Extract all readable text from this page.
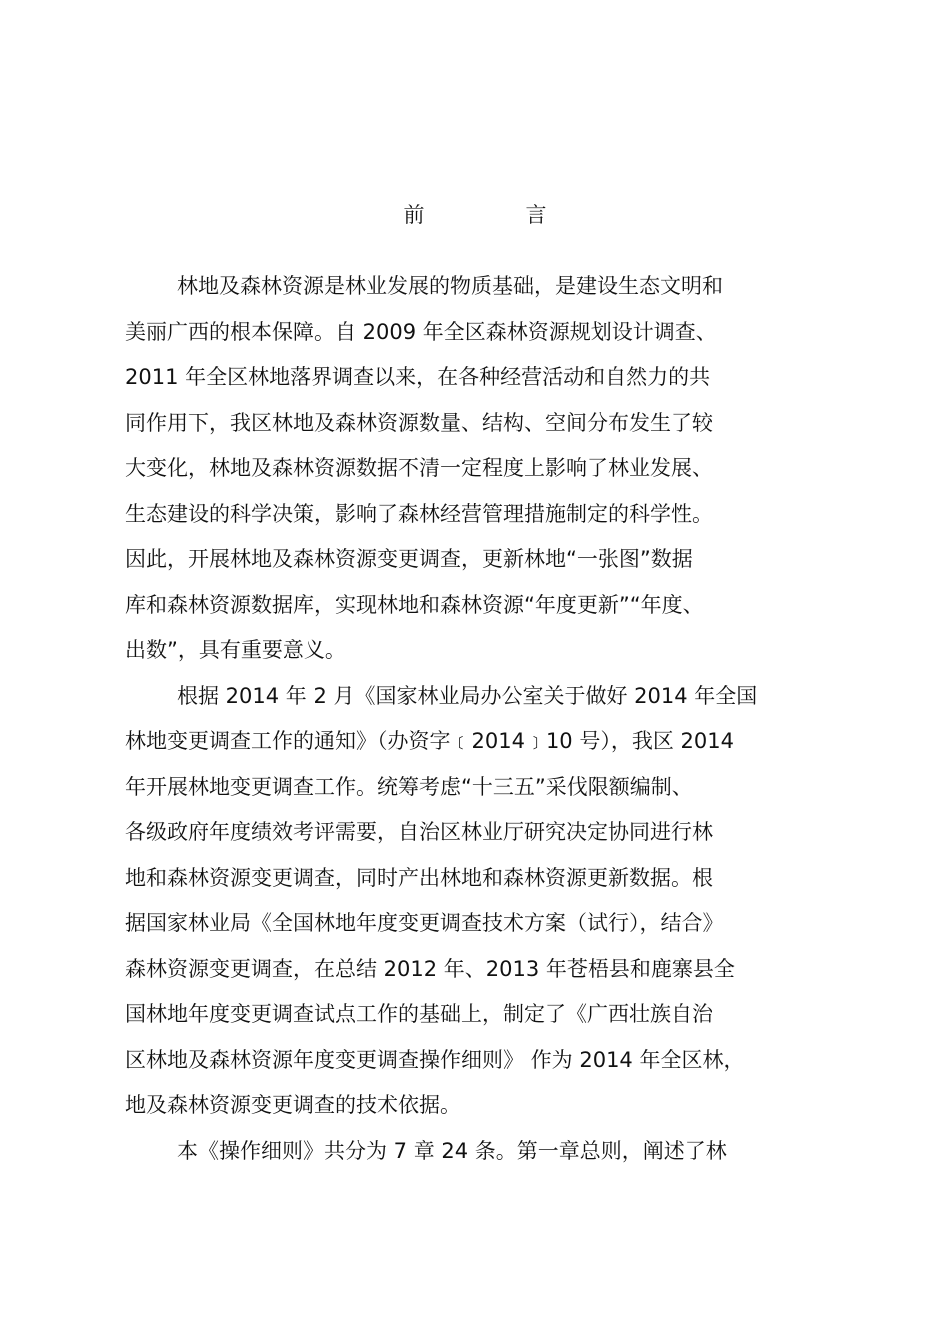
前　言
林地及森林资源是林业发展的物质基础，是建设生态文明和
美丽广西的根本保障。自 2009 年全区森林资源规划设计调查、
2011 年全区林地落界调查以来，在各种经营活动和自然力的共
同作用下，我区林地及森林资源数量、结构、空间分布发生了较
大变化，林地及森林资源数据不清一定程度上影响了林业发展、
生态建设的科学决策，影响了森林经营管理措施制定的科学性。
因此，开展林地及森林资源变更调查，更新林地“一张图”数据
库和森林资源数据库，实现林地和森林资源“年度更新”“年度、
出数”，具有重要意义。
根据 2014 年 2 月《国家林业局办公室关于做好 2014 年全国
林地变更调查工作的通知》（办资字﹝2014﹞10 号），我区 2014
年开展林地变更调查工作。统筹考虑“十三五”采伐限额编制、
各级政府年度绩效考评需要，自治区林业厅研究决定协同进行林
地和森林资源变更调查，同时产出林地和森林资源更新数据。根
据国家林业局《全国林地年度变更调查技术方案（试行），结合》
森林资源变更调查，在总结 2012 年、2013 年苍梧县和鹿寨县全
国林地年度变更调查试点工作的基础上，制定了《广西壮族自治
区林地及森林资源年度变更调查操作细则》 作为 2014 年全区林，
地及森林资源变更调查的技术依据。
本《操作细则》共分为 7 章 24 条。第一章总则，阐述了林
